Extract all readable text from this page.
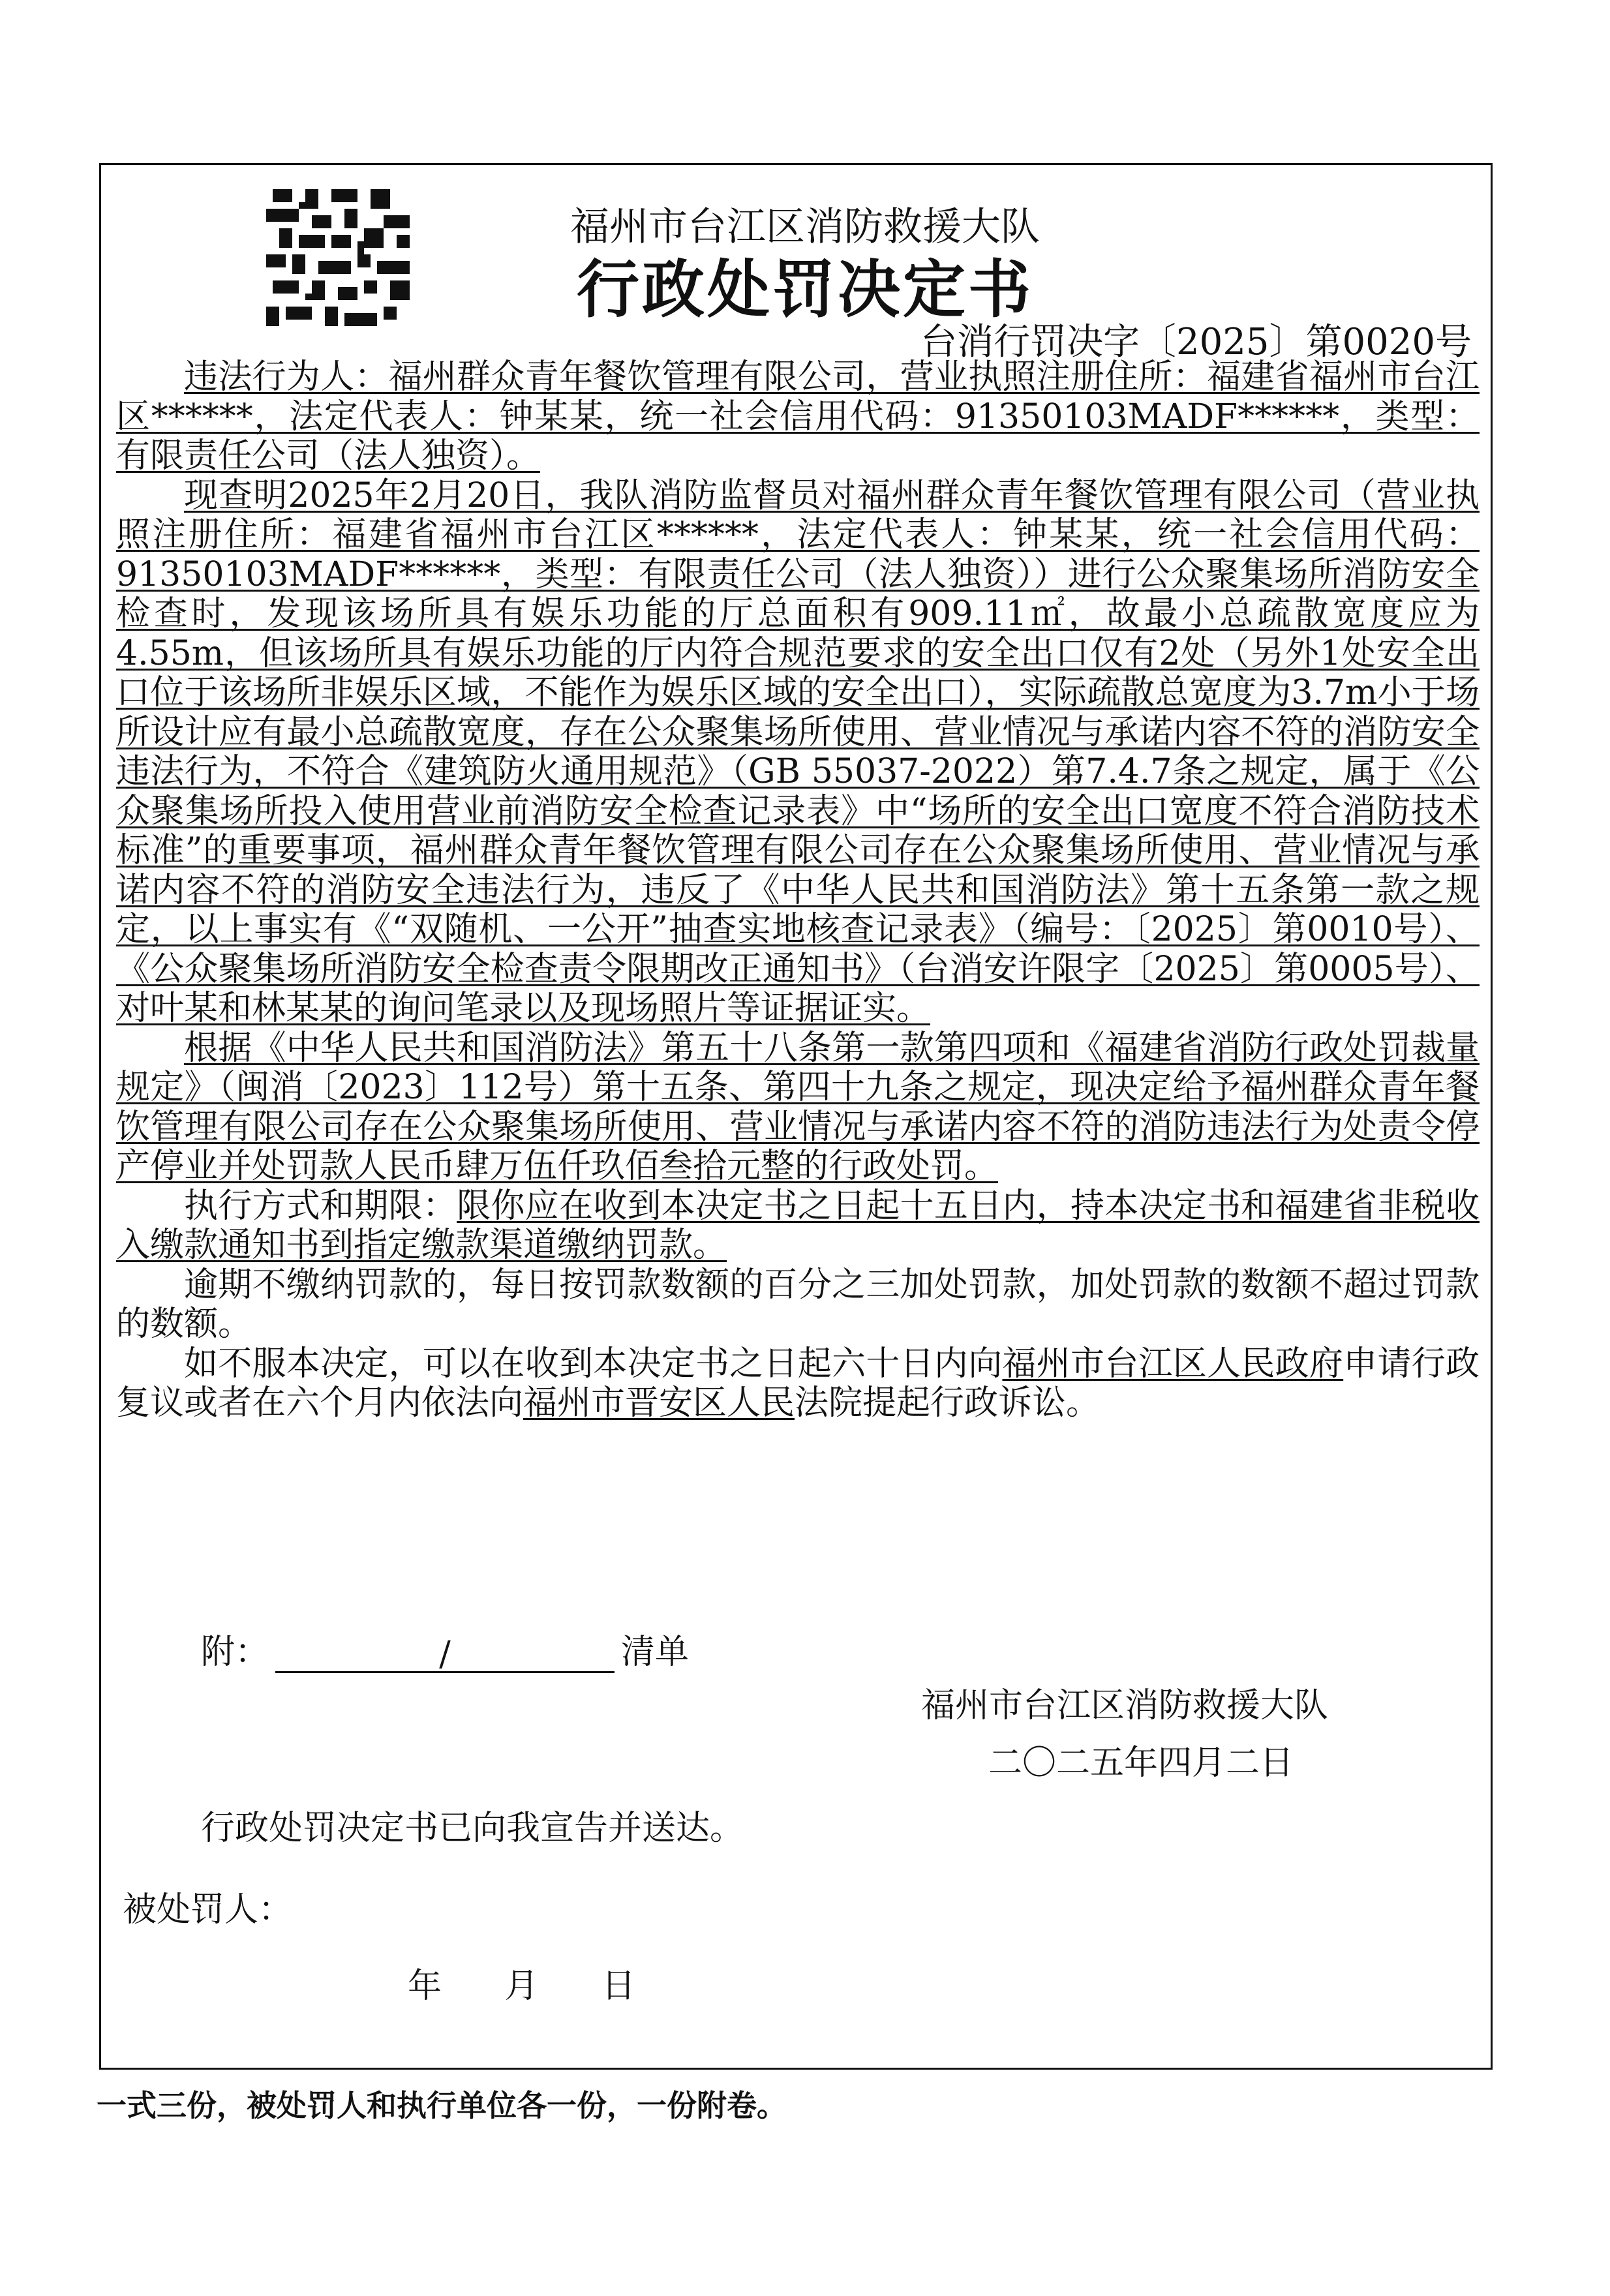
福州市台江区消防救援大队

行政处罚决定书

台消行罚决字〔2025〕第0020号

违法行为人：福州群众青年餐饮管理有限公司，营业执照注册住所：福建省福州市台江区******，法定代表人：钟某某，统一社会信用代码：91350103MADF******，类型：有限责任公司（法人独资）。

现查明2025年2月20日，我队消防监督员对福州群众青年餐饮管理有限公司（营业执照注册住所：福建省福州市台江区******，法定代表人：钟某某，统一社会信用代码：91350103MADF******，类型：有限责任公司（法人独资））进行公众聚集场所消防安全检查时，发现该场所具有娱乐功能的厅总面积有909.11㎡，故最小总疏散宽度应为4.55m，但该场所具有娱乐功能的厅内符合规范要求的安全出口仅有2处（另外1处安全出口位于该场所非娱乐区域，不能作为娱乐区域的安全出口），实际疏散总宽度为3.7m小于场所设计应有最小总疏散宽度，存在公众聚集场所使用、营业情况与承诺内容不符的消防安全违法行为，不符合《建筑防火通用规范》（GB 55037-2022）第7.4.7条之规定，属于《公众聚集场所投入使用营业前消防安全检查记录表》中“场所的安全出口宽度不符合消防技术标准”的重要事项，福州群众青年餐饮管理有限公司存在公众聚集场所使用、营业情况与承诺内容不符的消防安全违法行为，违反了《中华人民共和国消防法》第十五条第一款之规定，以上事实有《“双随机、一公开”抽查实地核查记录表》（编号：〔2025〕第0010号）、《公众聚集场所消防安全检查责令限期改正通知书》（台消安许限字〔2025〕第0005号）、对叶某和林某某的询问笔录以及现场照片等证据证实。

根据《中华人民共和国消防法》第五十八条第一款第四项和《福建省消防行政处罚裁量规定》（闽消〔2023〕112号）第十五条、第四十九条之规定，现决定给予福州群众青年餐饮管理有限公司存在公众聚集场所使用、营业情况与承诺内容不符的消防违法行为处责令停产停业并处罚款人民币肆万伍仟玖佰叁拾元整的行政处罚。

执行方式和期限：限你应在收到本决定书之日起十五日内，持本决定书和福建省非税收入缴款通知书到指定缴款渠道缴纳罚款。

逾期不缴纳罚款的，每日按罚款数额的百分之三加处罚款，加处罚款的数额不超过罚款的数额。

如不服本决定，可以在收到本决定书之日起六十日内向福州市台江区人民政府申请行政复议或者在六个月内依法向福州市晋安区人民法院提起行政诉讼。

附：	/	清单

福州市台江区消防救援大队

二〇二五年四月二日

行政处罚决定书已向我宣告并送达。

被处罚人：

年 月 日

一式三份，被处罚人和执行单位各一份，一份附卷。
